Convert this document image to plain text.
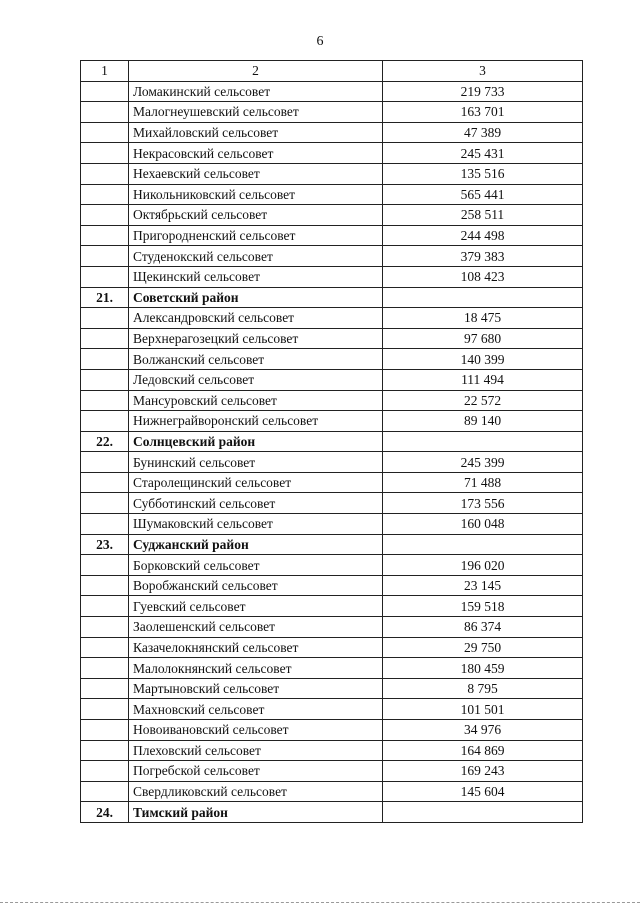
6
1	2	3
	Ломакинский сельсовет	219 733
	Малогнеушевский сельсовет	163 701
	Михайловский сельсовет	47 389
	Некрасовский сельсовет	245 431
	Нехаевский сельсовет	135 516
	Никольниковский сельсовет	565 441
	Октябрьский сельсовет	258 511
	Пригородненский сельсовет	244 498
	Студенокский сельсовет	379 383
	Щекинский сельсовет	108 423
21.	Советский район	
	Александровский сельсовет	18 475
	Верхнерагозецкий сельсовет	97 680
	Волжанский сельсовет	140 399
	Ледовский сельсовет	111 494
	Мансуровский сельсовет	22 572
	Нижнеграйворонский сельсовет	89 140
22.	Солнцевский район	
	Бунинский сельсовет	245 399
	Старолещинский сельсовет	71 488
	Субботинский сельсовет	173 556
	Шумаковский сельсовет	160 048
23.	Суджанский район	
	Борковский сельсовет	196 020
	Воробжанский сельсовет	23 145
	Гуевский сельсовет	159 518
	Заолешенский сельсовет	86 374
	Казачелокнянский сельсовет	29 750
	Малолокнянский сельсовет	180 459
	Мартыновский сельсовет	8 795
	Махновский сельсовет	101 501
	Новоивановский сельсовет	34 976
	Плеховский сельсовет	164 869
	Погребской сельсовет	169 243
	Свердликовский сельсовет	145 604
24.	Тимский район	
